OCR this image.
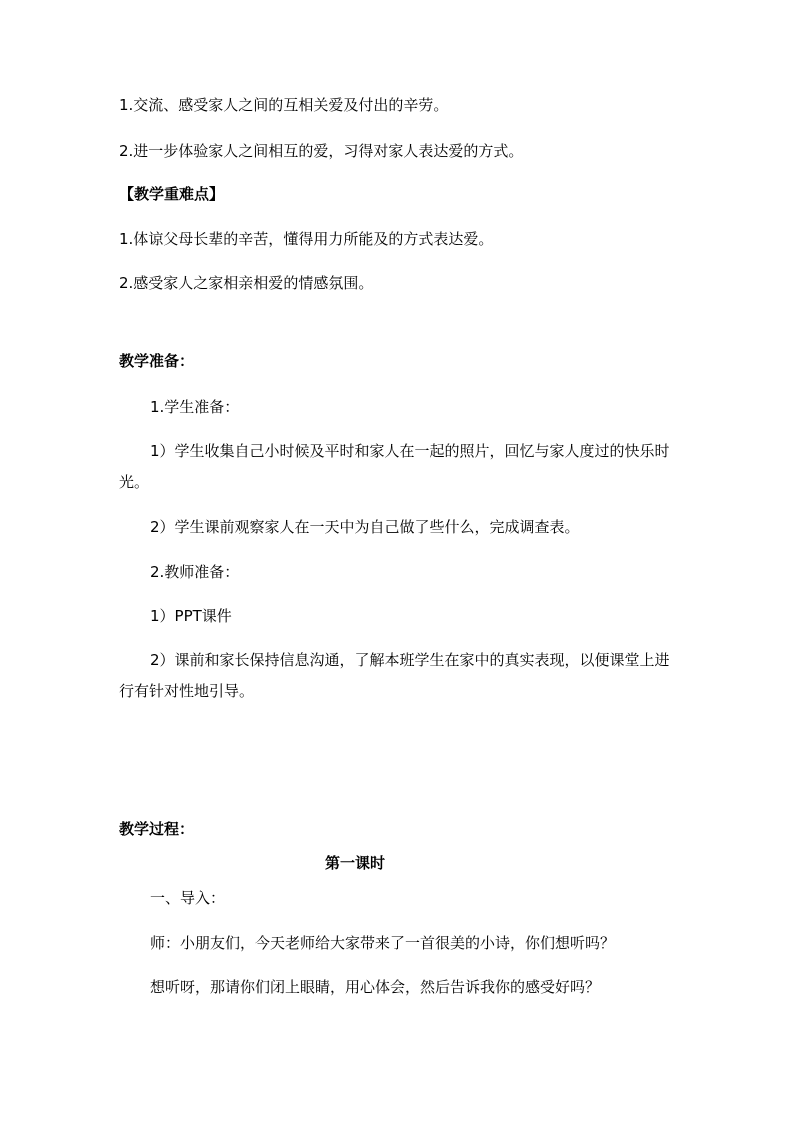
1.交流、感受家人之间的互相关爱及付出的辛劳。
2.进一步体验家人之间相互的爱，习得对家人表达爱的方式。
【教学重难点】
1.体谅父母长辈的辛苦，懂得用力所能及的方式表达爱。
2.感受家人之家相亲相爱的情感氛围。
教学准备：
1.学生准备：
1）学生收集自己小时候及平时和家人在一起的照片，回忆与家人度过的快乐时光。
2）学生课前观察家人在一天中为自己做了些什么，完成调查表。
2.教师准备：
1）PPT课件
2）课前和家长保持信息沟通，了解本班学生在家中的真实表现，以便课堂上进行有针对性地引导。
教学过程：
第一课时
一、导入：
师：小朋友们，今天老师给大家带来了一首很美的小诗，你们想听吗？
想听呀，那请你们闭上眼睛，用心体会，然后告诉我你的感受好吗？
